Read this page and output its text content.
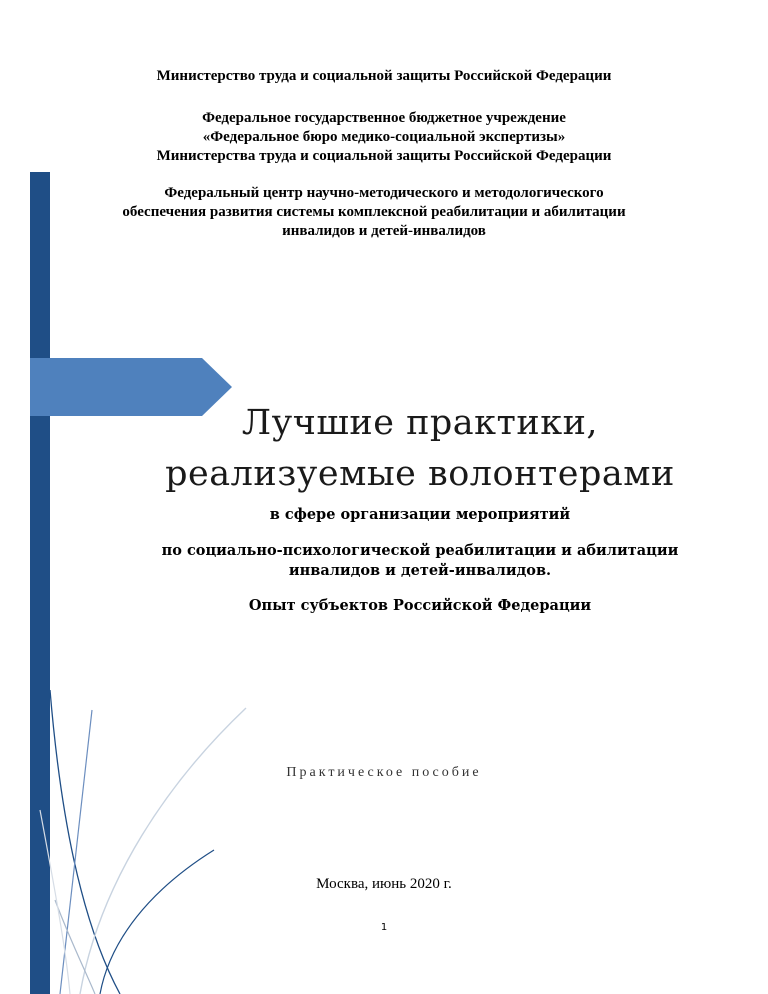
Министерство труда и социальной защиты Российской Федерации
Федеральное государственное бюджетное учреждение
«Федеральное бюро медико-социальной экспертизы»
Министерства труда и социальной защиты Российской Федерации
Федеральный центр научно-методического и методологического
обеспечения развития системы комплексной реабилитации и абилитации
инвалидов и детей-инвалидов
Лучшие практики,
реализуемые волонтерами
в сфере организации мероприятий
по социально-психологической реабилитации и абилитации
инвалидов и детей-инвалидов.
Опыт субъектов Российской Федерации
Практическое пособие
Москва, июнь 2020 г.
1
